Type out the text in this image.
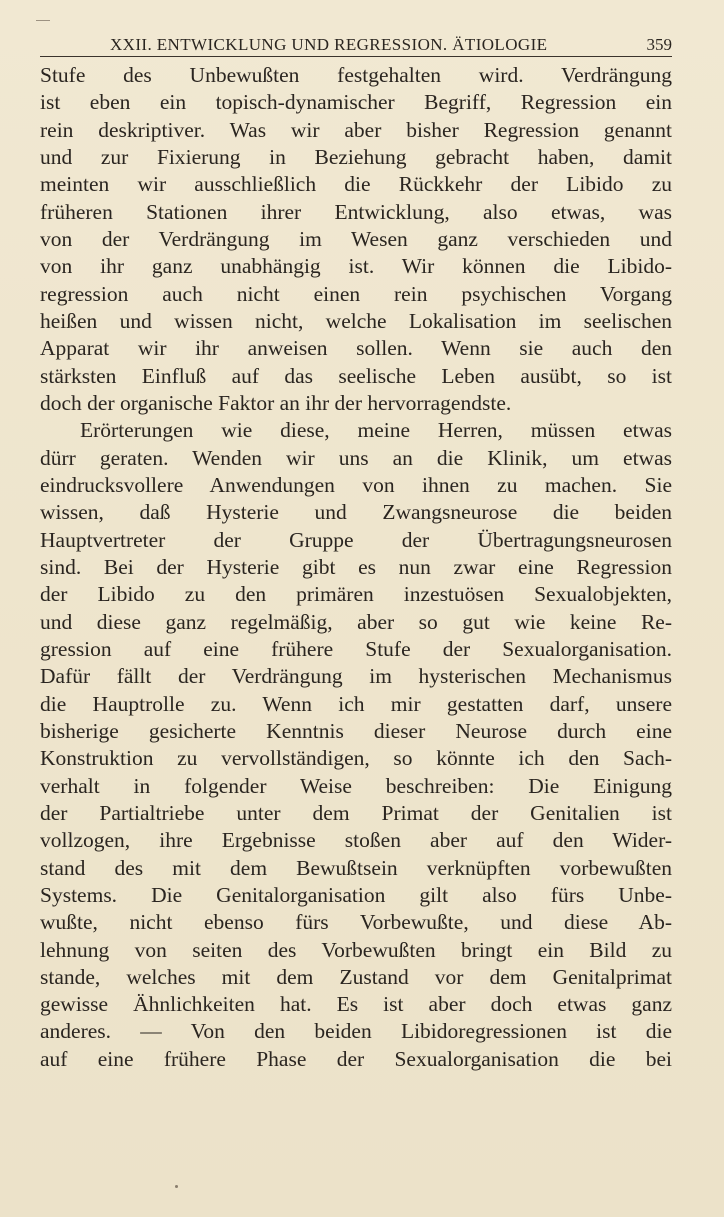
XXII. ENTWICKLUNG UND REGRESSION. ÄTIOLOGIE	359
Stufe des Unbewußten festgehalten wird. Verdrängung
ist eben ein topisch-dynamischer Begriff, Regression ein
rein deskriptiver. Was wir aber bisher Regression genannt
und zur Fixierung in Beziehung gebracht haben, damit
meinten wir ausschließlich die Rückkehr der Libido zu
früheren Stationen ihrer Entwicklung, also etwas, was
von der Verdrängung im Wesen ganz verschieden und
von ihr ganz unabhängig ist. Wir können die Libido-
regression auch nicht einen rein psychischen Vorgang
heißen und wissen nicht, welche Lokalisation im seelischen
Apparat wir ihr anweisen sollen. Wenn sie auch den
stärksten Einfluß auf das seelische Leben ausübt, so ist
doch der organische Faktor an ihr der hervorragendste.
Erörterungen wie diese, meine Herren, müssen etwas
dürr geraten. Wenden wir uns an die Klinik, um etwas
eindrucksvollere Anwendungen von ihnen zu machen. Sie
wissen, daß Hysterie und Zwangsneurose die beiden
Hauptvertreter der Gruppe der Übertragungsneurosen
sind. Bei der Hysterie gibt es nun zwar eine Regression
der Libido zu den primären inzestuösen Sexualobjekten,
und diese ganz regelmäßig, aber so gut wie keine Re-
gression auf eine frühere Stufe der Sexualorganisation.
Dafür fällt der Verdrängung im hysterischen Mechanismus
die Hauptrolle zu. Wenn ich mir gestatten darf, unsere
bisherige gesicherte Kenntnis dieser Neurose durch eine
Konstruktion zu vervollständigen, so könnte ich den Sach-
verhalt in folgender Weise beschreiben: Die Einigung
der Partialtriebe unter dem Primat der Genitalien ist
vollzogen, ihre Ergebnisse stoßen aber auf den Wider-
stand des mit dem Bewußtsein verknüpften vorbewußten
Systems. Die Genitalorganisation gilt also fürs Unbe-
wußte, nicht ebenso fürs Vorbewußte, und diese Ab-
lehnung von seiten des Vorbewußten bringt ein Bild zu
stande, welches mit dem Zustand vor dem Genitalprimat
gewisse Ähnlichkeiten hat. Es ist aber doch etwas ganz
anderes. — Von den beiden Libidoregressionen ist die
auf eine frühere Phase der Sexualorganisation die bei
